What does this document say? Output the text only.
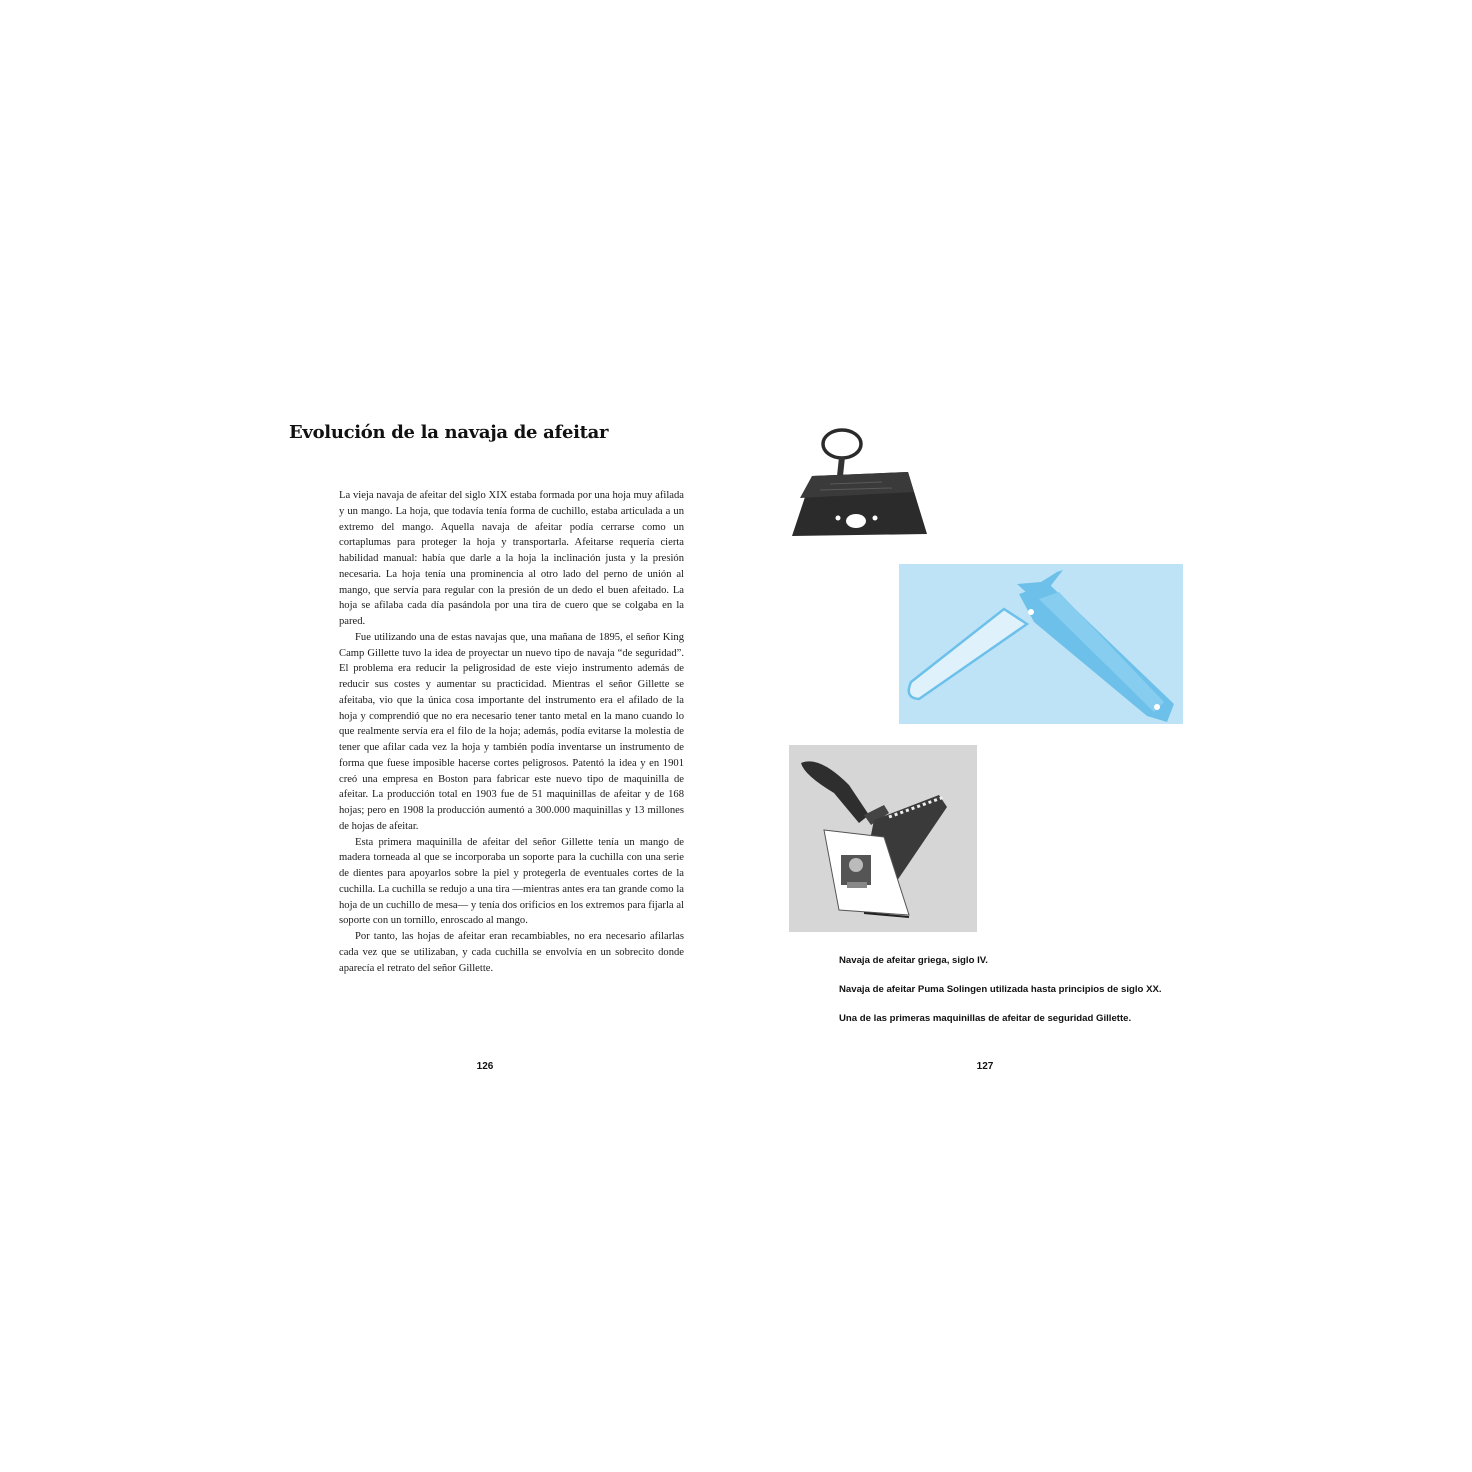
Evolución de la navaja de afeitar

La vieja navaja de afeitar del siglo XIX estaba formada por una hoja muy afilada y un mango. La hoja, que todavía tenía forma de cuchillo, estaba articulada a un extremo del mango. Aquella navaja de afeitar podía cerrarse como un cortaplumas para proteger la hoja y transportarla. Afeitarse requería cierta habilidad manual: había que darle a la hoja la inclinación justa y la presión necesaria. La hoja tenía una prominencia al otro lado del perno de unión al mango, que servía para regular con la presión de un dedo el buen afeitado. La hoja se afilaba cada día pasándola por una tira de cuero que se colgaba en la pared.

Fue utilizando una de estas navajas que, una mañana de 1895, el señor King Camp Gillette tuvo la idea de proyectar un nuevo tipo de navaja “de seguridad”. El problema era reducir la peligrosidad de este viejo instrumento además de reducir sus costes y aumentar su practicidad. Mientras el señor Gillette se afeitaba, vio que la única cosa importante del instrumento era el afilado de la hoja y comprendió que no era necesario tener tanto metal en la mano cuando lo que realmente servía era el filo de la hoja; además, podía evitarse la molestia de tener que afilar cada vez la hoja y también podía inventarse un instrumento de forma que fuese imposible hacerse cortes peligrosos. Patentó la idea y en 1901 creó una empresa en Boston para fabricar este nuevo tipo de maquinilla de afeitar. La producción total en 1903 fue de 51 maquinillas de afeitar y de 168 hojas; pero en 1908 la producción aumentó a 300.000 maquinillas y 13 millones de hojas de afeitar.

Esta primera maquinilla de afeitar del señor Gillette tenía un mango de madera torneada al que se incorporaba un soporte para la cuchilla con una serie de dientes para apoyarlos sobre la piel y protegerla de eventuales cortes de la cuchilla. La cuchilla se redujo a una tira —mientras antes era tan grande como la hoja de un cuchillo de mesa— y tenía dos orificios en los extremos para fijarla al soporte con un tornillo, enroscado al mango.

Por tanto, las hojas de afeitar eran recambiables, no era necesario afilarlas cada vez que se utilizaban, y cada cuchilla se envolvía en un sobrecito donde aparecía el retrato del señor Gillette.

126

Navaja de afeitar griega, siglo IV.

Navaja de afeitar Puma Solingen utilizada hasta principios de siglo XX.

Una de las primeras maquinillas de afeitar de seguridad Gillette.

127
